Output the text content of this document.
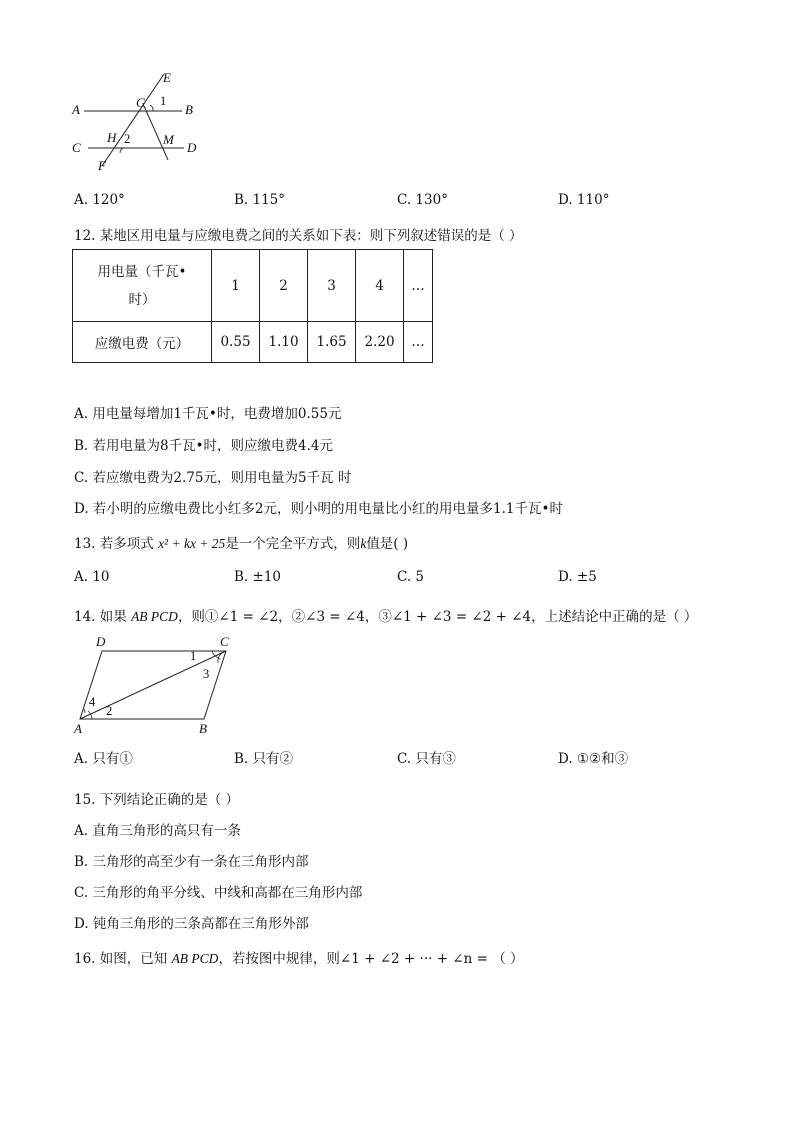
E
A	G 1
B
C
H 2	M
D
F
A. 120°	B. 115°	C. 130°	D. 110°
12. 某地区用电量与应缴电费之间的关系如下表：则下列叙述错误的是（ ）
用电量（千瓦•
时）	1	2	3	4	…
应缴电费（元）	0.55	1.10	1.65	2.20	…
A. 用电量每增加1千瓦•时，电费增加0.55元
B. 若用电量为8千瓦•时，则应缴电费4.4元
C. 若应缴电费为2.75元，则用电量为5千瓦 时
D. 若小明的应缴电费比小红多2元，则小明的用电量比小红的用电量多1.1千瓦•时
13. 若多项式 x² + kx + 25是一个完全平方式，则k值是( )
A. 10	B. ±10	C. 5	D. ±5
14. 如果 AB PCD，则①∠1 = ∠2，②∠3 = ∠4，③∠1 + ∠3 = ∠2 + ∠4，上述结论中正确的是（ ）
D	C
1
3
4
2
A	B
A. 只有①	B. 只有②	C. 只有③	D. ①②和③
15. 下列结论正确的是（ ）
A. 直角三角形的高只有一条
B. 三角形的高至少有一条在三角形内部
C. 三角形的角平分线、中线和高都在三角形内部
D. 钝角三角形的三条高都在三角形外部
16. 如图，已知 AB PCD，若按图中规律，则∠1 + ∠2 + ··· + ∠n = （ ）
